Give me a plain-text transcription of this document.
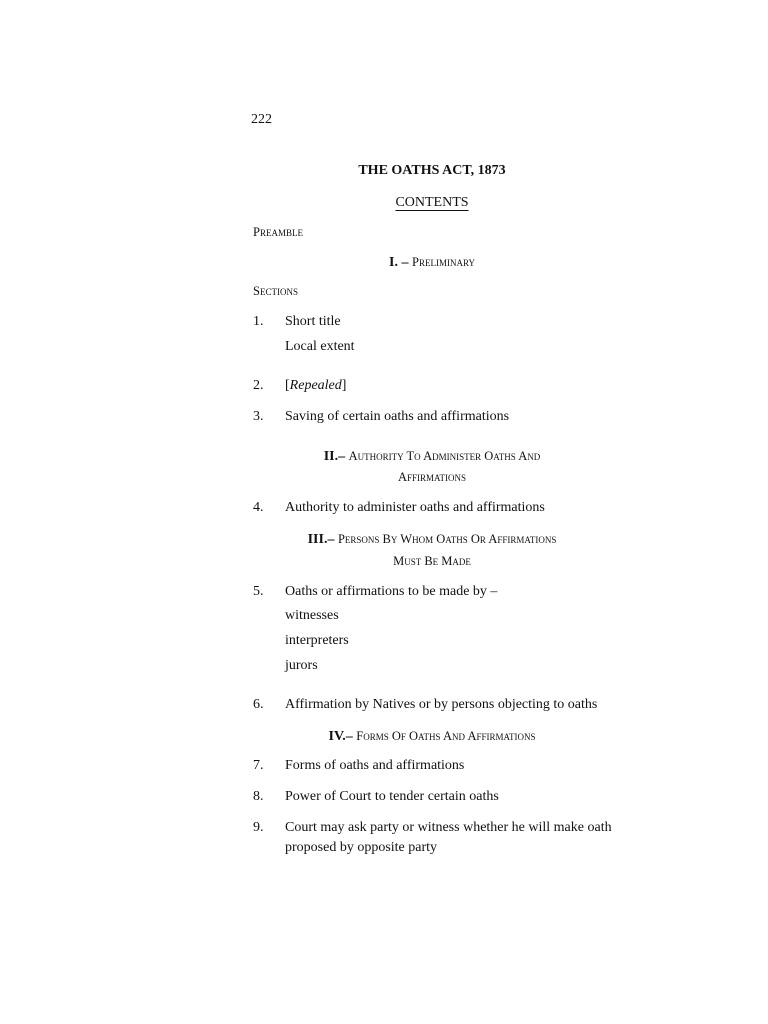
222
THE OATHS ACT, 1873
CONTENTS
Preamble
I. – Preliminary
Sections
1. Short title
Local extent
2. [Repealed]
3. Saving of certain oaths and affirmations
II.– Authority To Administer Oaths And
Affirmations
4. Authority to administer oaths and affirmations
III.– Persons By Whom Oaths Or Affirmations
Must Be Made
5. Oaths or affirmations to be made by –
witnesses
interpreters
jurors
6. Affirmation by Natives or by persons objecting to oaths
IV.– Forms Of Oaths And Affirmations
7. Forms of oaths and affirmations
8. Power of Court to tender certain oaths
9. Court may ask party or witness whether he will make oath
proposed by opposite party
